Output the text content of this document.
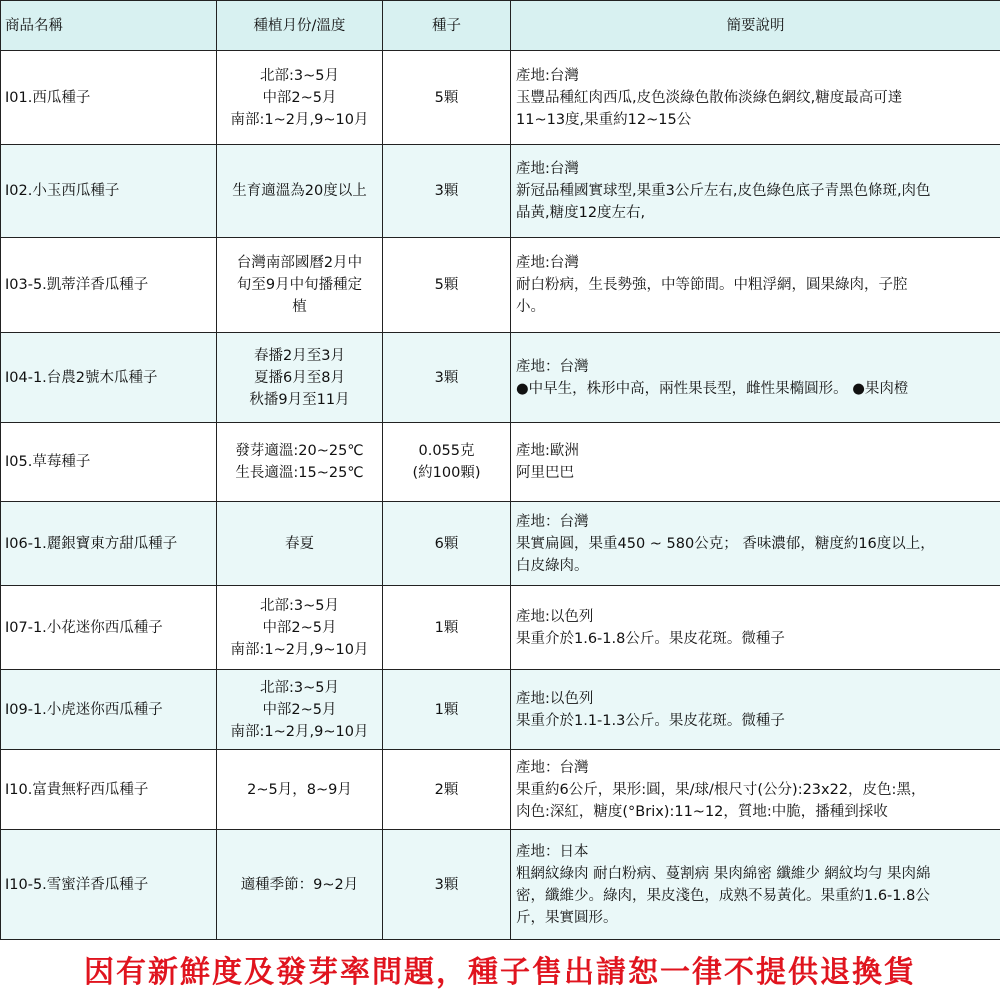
商品名稱	種植月份/溫度	種子	簡要說明
I01.西瓜種子	北部:3~5月
中部2~5月
南部:1~2月,9~10月	5顆	產地:台灣
玉豐品種紅肉西瓜,皮色淡綠色散佈淡綠色網纹,糖度最高可達
11~13度,果重約12~15公

I02.小玉西瓜種子	生育適溫為20度以上	3顆	產地:台灣
新冠品種國實球型,果重3公斤左右,皮色綠色底子青黑色條斑,肉色
晶黃,糖度12度左右,

I03-5.凱蒂洋香瓜種子	台灣南部國曆2月中
旬至9月中旬播種定
植	5顆	產地:台灣
耐白粉病，生長勢強，中等節間。中粗浮網，圓果綠肉，子腔
小。

I04-1.台農2號木瓜種子	春播2月至3月
夏播6月至8月
秋播9月至11月	3顆	產地：台灣
●中早生，株形中高，兩性果長型，雌性果橢圓形。 ●果肉橙

I05.草莓種子	發芽適溫:20~25℃
生長適溫:15~25℃	0.055克
(約100顆)	產地:歐洲
阿里巴巴

I06-1.麗銀寶東方甜瓜種子	春夏	6顆	產地：台灣
果實扁圓，果重450 ~ 580公克； 香味濃郁，糖度約16度以上，
白皮綠肉。

I07-1.小花迷你西瓜種子	北部:3~5月
中部2~5月
南部:1~2月,9~10月	1顆	產地:以色列
果重介於1.6-1.8公斤。果皮花斑。微種子

I09-1.小虎迷你西瓜種子	北部:3~5月
中部2~5月
南部:1~2月,9~10月	1顆	產地:以色列
果重介於1.1-1.3公斤。果皮花斑。微種子

I10.富貴無籽西瓜種子	2~5月，8~9月	2顆	產地：台灣
果重約6公斤，果形:圓，果/球/根尺寸(公分):23x22，皮色:黑，
肉色:深紅，糖度(°Brix):11~12，質地:中脆，播種到採收

I10-5.雪蜜洋香瓜種子	適種季節：9~2月	3顆	產地：日本
粗網紋綠肉 耐白粉病、蔓割病 果肉綿密 纖維少 網紋均勻 果肉綿
密，纖維少。綠肉，果皮淺色，成熟不易黃化。果重約1.6-1.8公
斤，果實圓形。
因有新鮮度及發芽率問題，種子售出請恕一律不提供退換貨
